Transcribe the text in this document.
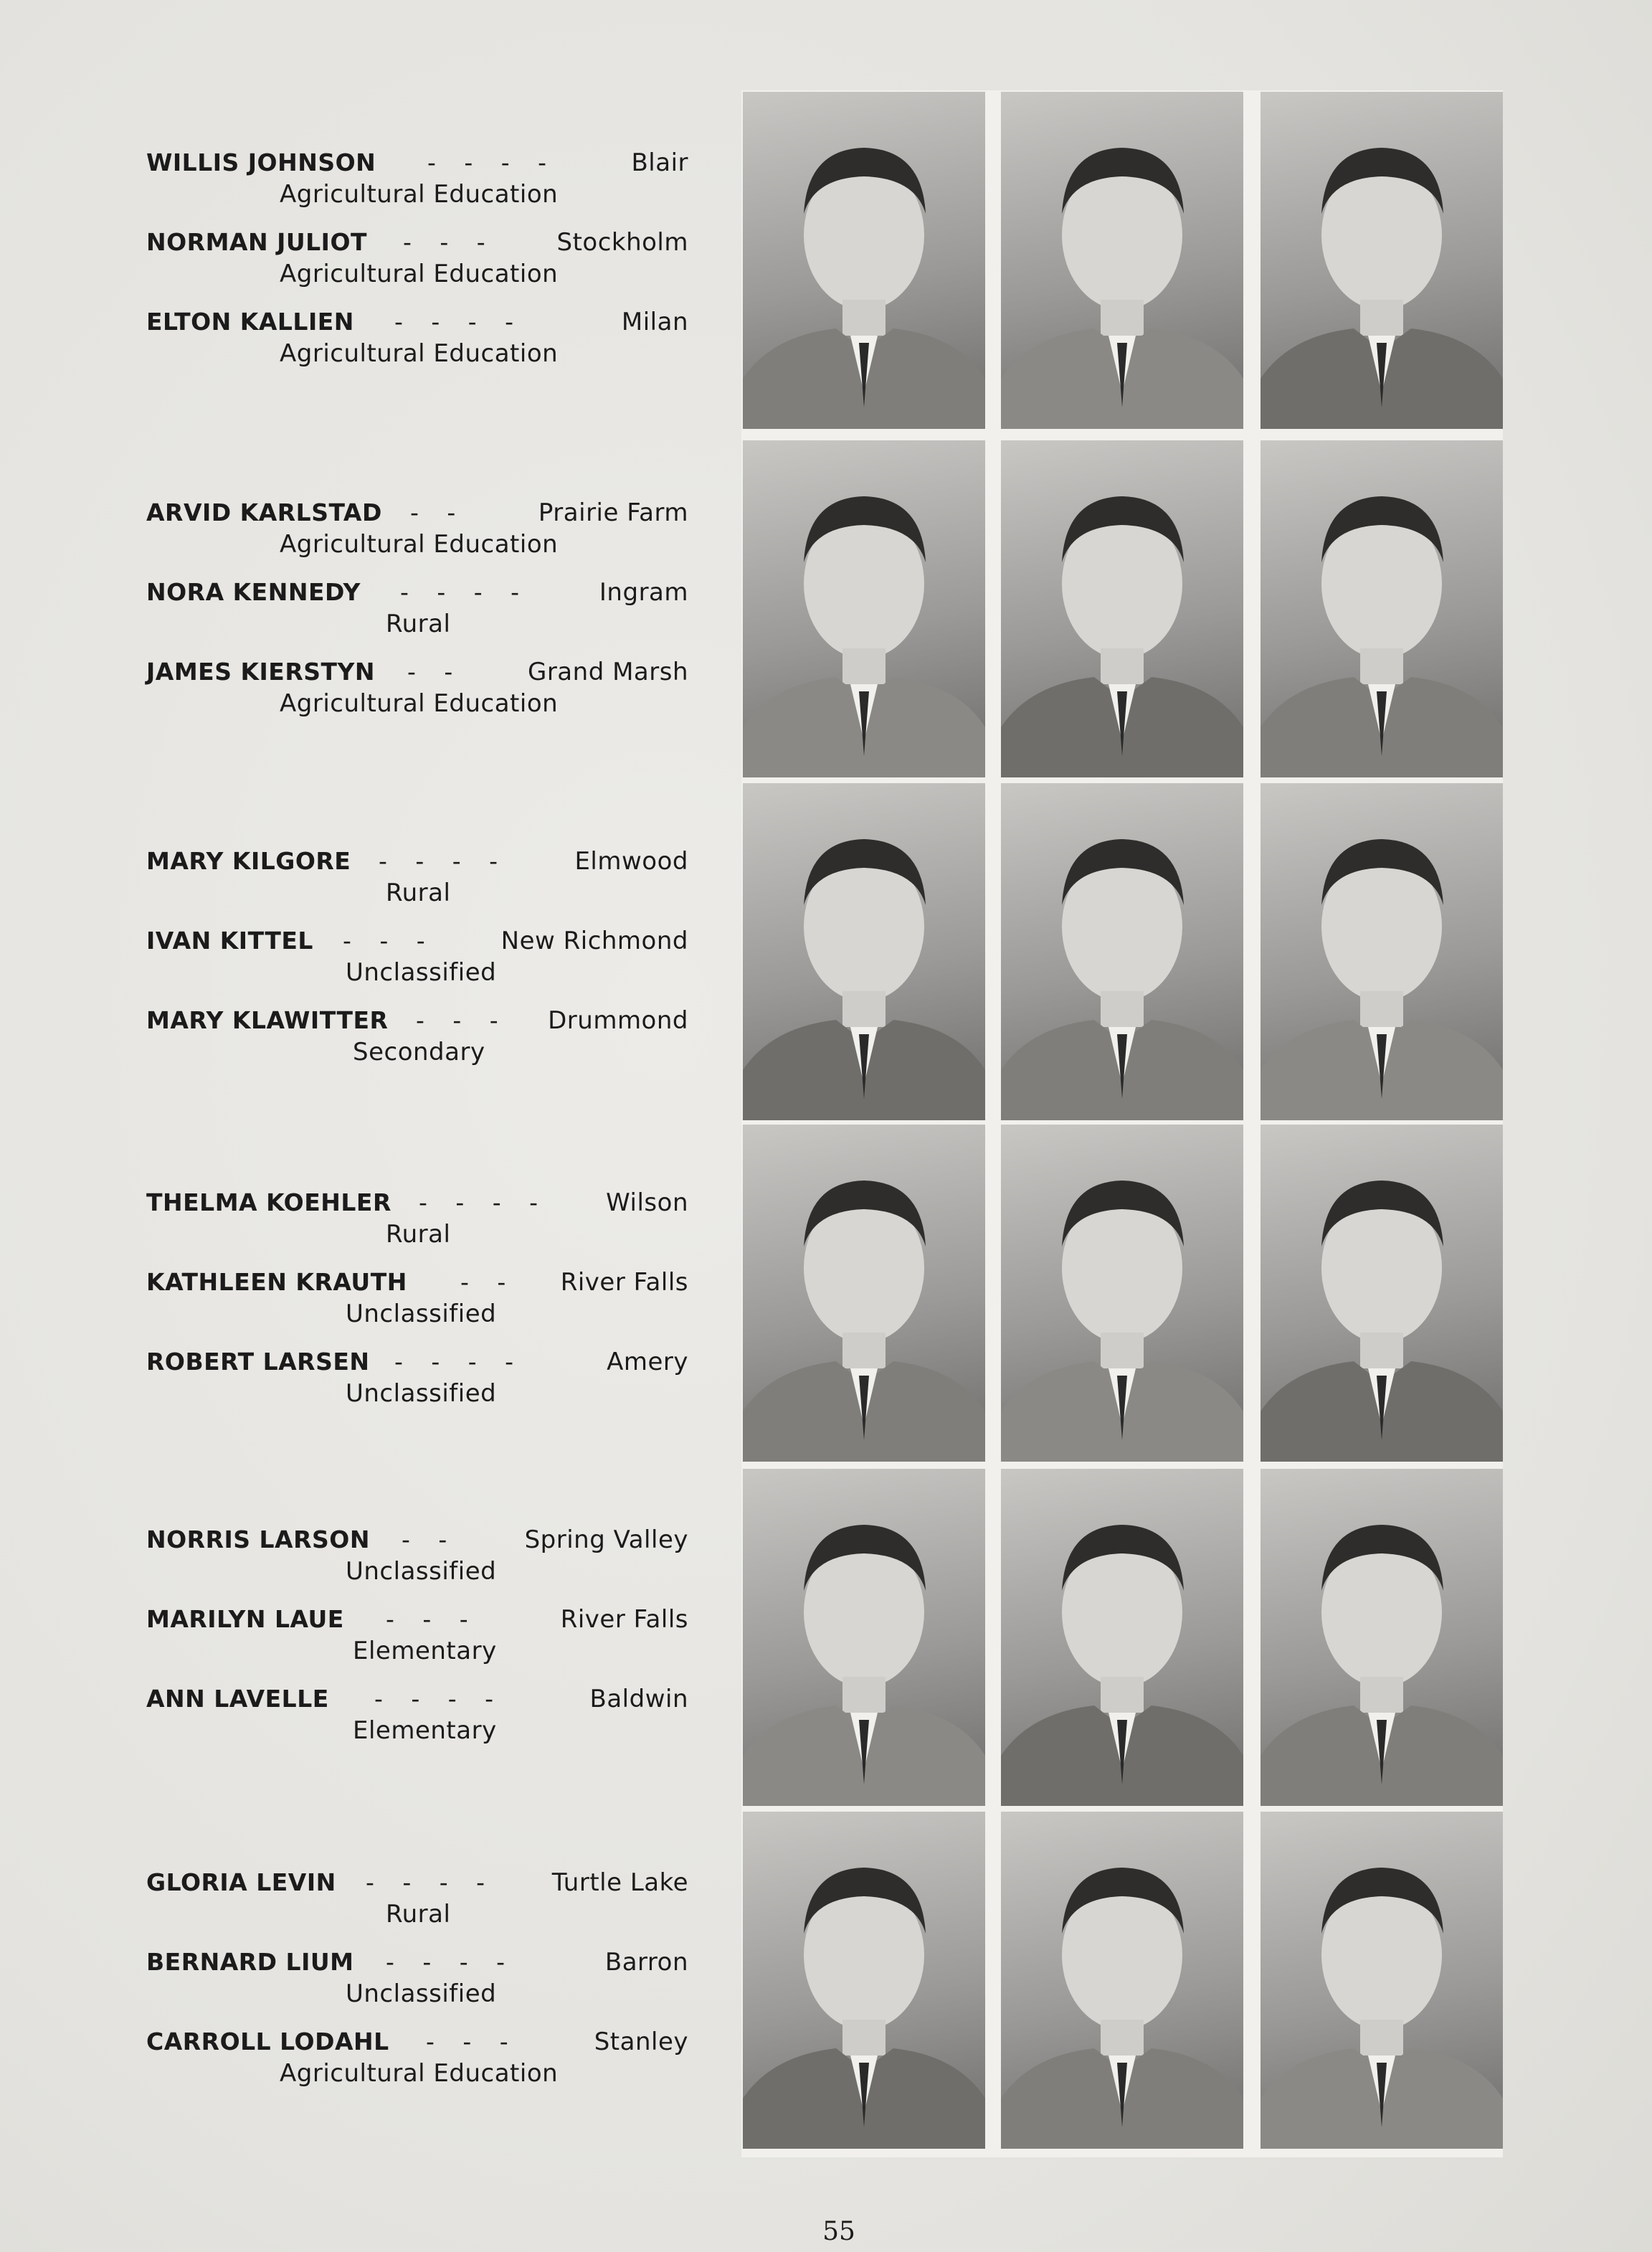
WILLIS JOHNSON -   -   -   -	Blair
Agricultural Education
NORMAN JULIOT -   -   -	Stockholm
Agricultural Education
ELTON KALLIEN -   -   -   -	Milan
Agricultural Education
ARVID KARLSTAD -   -	Prairie Farm
Agricultural Education
NORA KENNEDY -   -   -   -	Ingram
Rural
JAMES KIERSTYN -   -	Grand Marsh
Agricultural Education
MARY KILGORE -   -   -   -	Elmwood
Rural
IVAN KITTEL -   -   -	New Richmond
Unclassified
MARY KLAWITTER -   -   - Drummond
Secondary
THELMA KOEHLER -   -   -   -	Wilson
Rural
KATHLEEN KRAUTH -   - River Falls
Unclassified
ROBERT LARSEN -   -   -   -	Amery
Unclassified
NORRIS LARSON -   -	Spring Valley
Unclassified
MARILYN LAUE -   -   -	River Falls
Elementary
ANN LAVELLE -   -   -   -	Baldwin
Elementary
GLORIA LEVIN -   -   -   -	Turtle Lake
Rural
BERNARD LIUM -   -   -   -	Barron
Unclassified
CARROLL LODAHL -   -   -	Stanley
Agricultural Education
55
